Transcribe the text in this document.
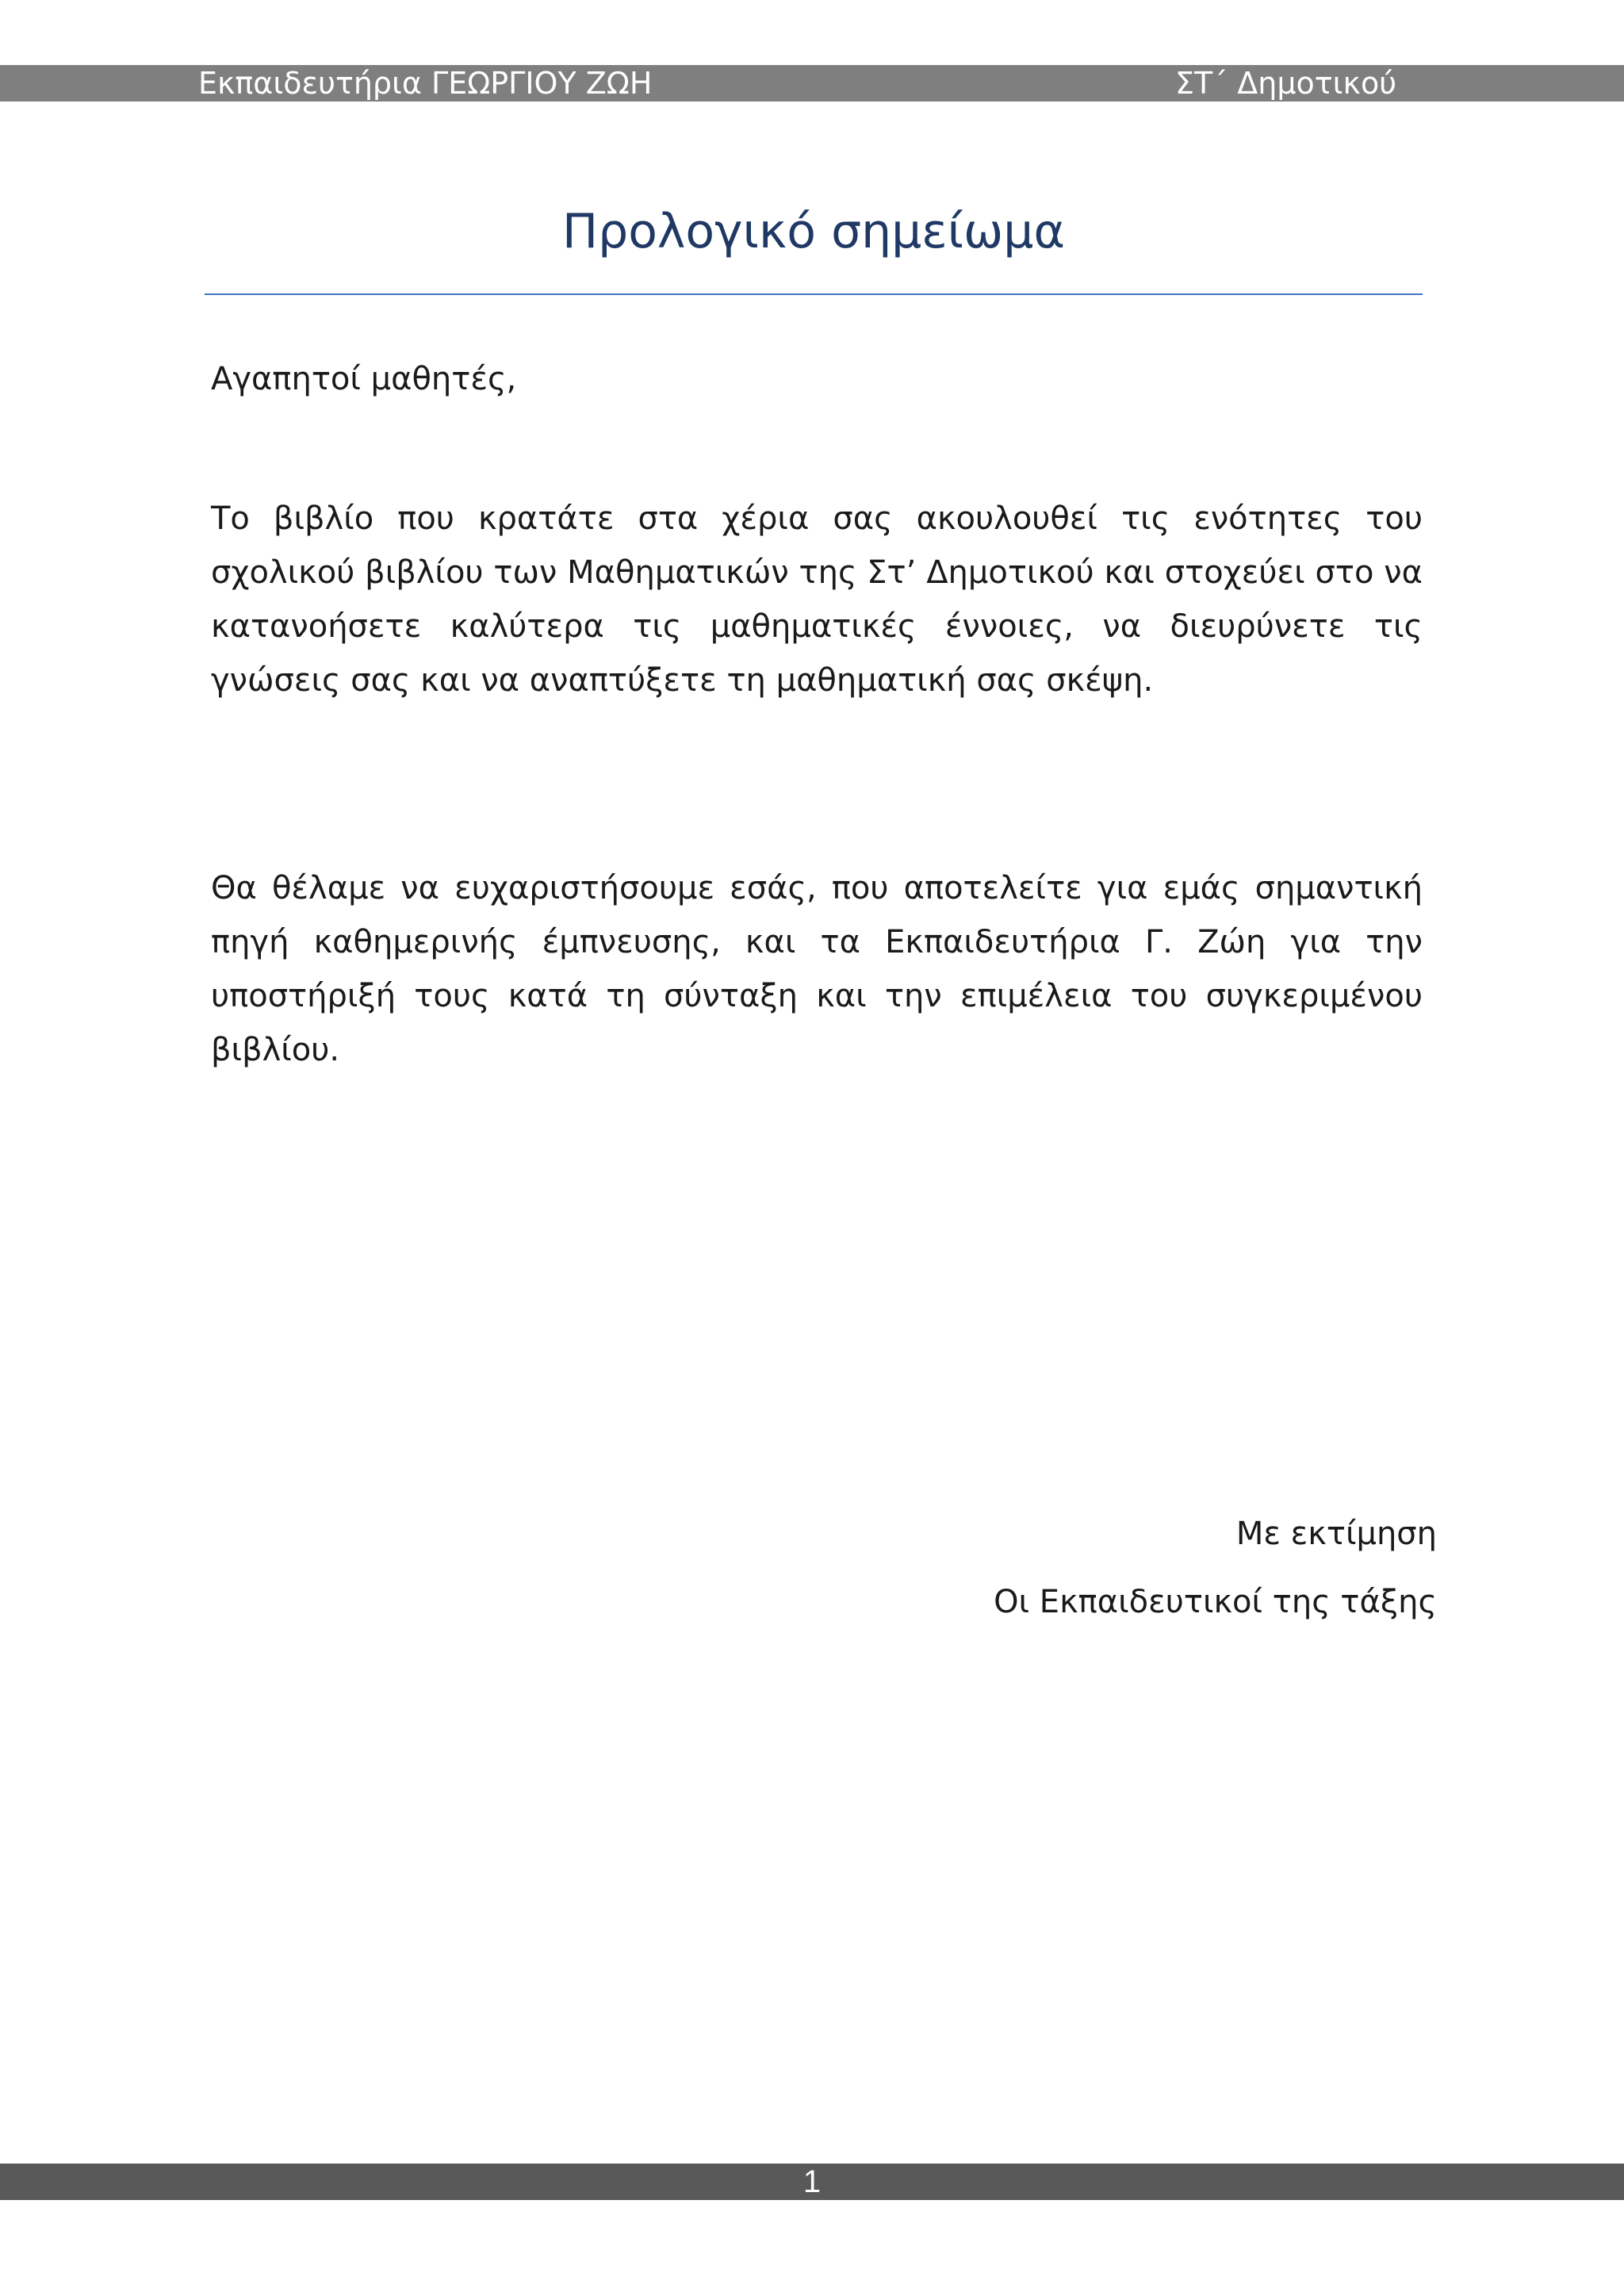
Εκπαιδευτήρια ΓΕΩΡΓΙΟΥ ΖΩΗ	ΣΤ΄ Δημοτικού
Προλογικό σημείωμα

Αγαπητοί μαθητές,

Το βιβλίο που κρατάτε στα χέρια σας ακουλουθεί τις ενότητες του σχολικού βιβλίου των Μαθηματικών της Στ’ Δημοτικού και στοχεύει στο να κατανοήσετε καλύτερα τις μαθηματικές έννοιες, να διευρύνετε τις γνώσεις σας και να αναπτύξετε τη μαθηματική σας σκέψη.

Θα θέλαμε να ευχαριστήσουμε εσάς, που αποτελείτε για εμάς σημαντική πηγή καθημερινής έμπνευσης, και τα Εκπαιδευτήρια Γ. Ζώη για την υποστήριξή τους κατά τη σύνταξη και την επιμέλεια του συγκεριμένου βιβλίου.

Με εκτίμηση
Οι Εκπαιδευτικοί της τάξης
1
